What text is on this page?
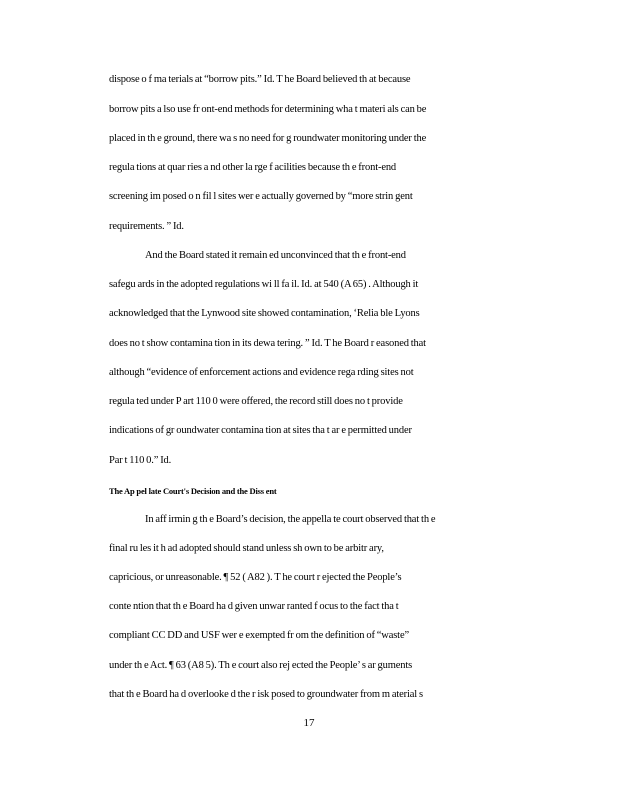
dispose o f ma terials at “borrow pits.” Id. T he Board believed th at because
borrow pits a lso use fr ont-end methods for determining wha t materi als can be
placed in th e ground, there wa s no need for g roundwater monitoring under the
regula tions at quar ries a nd other la rge f acilities because th e front-end
screening im posed o n fil l sites wer e actually governed by “more strin gent
requirements. ” Id.
And the Board stated it remain ed unconvinced that th e front-end
safegu ards in the adopted regulations wi ll fa il. Id. at 540 (A 65) . Although it
acknowledged that the Lynwood site showed contamination, ‘Relia ble Lyons
does no t show contamina tion in its dewa tering. ” Id. T he Board r easoned that
although “evidence of enforcement actions and evidence rega rding sites not
regula ted under P art 110 0 were offered, the record still does no t provide
indications of gr oundwater contamina tion at sites tha t ar e permitted under
Par t 110 0.” Id.
The Ap pel late Court's Decision and the Diss ent
In aff irmin g th e Board’s decision, the appella te court observed that th e
final ru les it h ad adopted should stand unless sh own to be arbitr ary,
capricious, or unreasonable. ¶ 52 ( A82 ). T he court r ejected the People’s
conte ntion that th e Board ha d given unwar ranted f ocus to the fact tha t
compliant CC DD and USF wer e exempted fr om the definition of “waste”
under th e Act. ¶ 63 (A8 5). Th e court also rej ected the People’ s ar guments
that th e Board ha d overlooke d the r isk posed to groundwater from m aterial s
17
